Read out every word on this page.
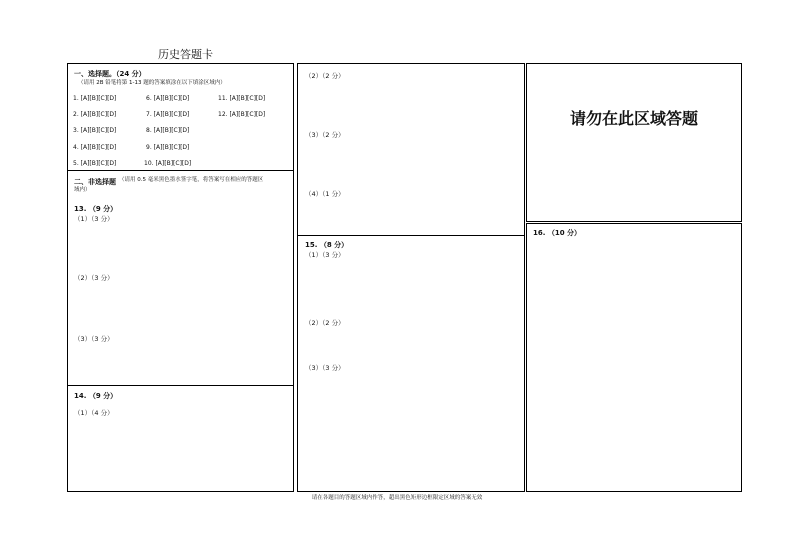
历史答题卡
一、选择题。（24 分）
（请用 2B 铅笔将第 1-13 题的答案填涂在以下填涂区域内）
1. [A][B][C][D]	6. [A][B][C][D]	11. [A][B][C][D]
2. [A][B][C][D]	7. [A][B][C][D]	12. [A][B][C][D]
3. [A][B][C][D]	8. [A][B][C][D]
4. [A][B][C][D]	9. [A][B][C][D]
5. [A][B][C][D]	10. [A][B][C][D]
二、非选择题 （请用 0.5 毫米黑色墨水签字笔，将答案写在相应的答题区
域内）
13. （9 分）
（1）（3 分）
（2）（3 分）
（3）（3 分）
14. （9 分）
（1）（4 分）
（2）（2 分）
（3）（2 分）
（4）（1 分）
15. （8 分）
（1）（3 分）
（2）（2 分）
（3）（3 分）
请勿在此区域答题
16. （10 分）
请在各题目的答题区域内作答，超出黑色矩形边框限定区域的答案无效
